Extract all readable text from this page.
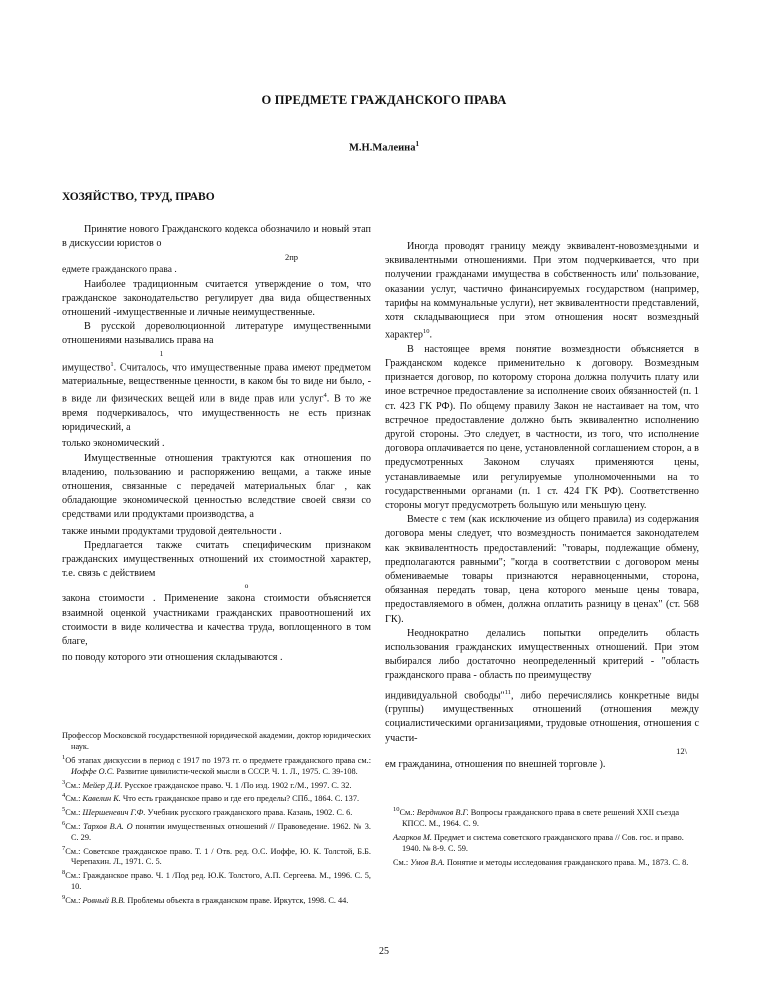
О ПРЕДМЕТЕ ГРАЖДАНСКОГО ПРАВА
М.Н.Малеина$^1$
ХОЗЯЙСТВО, ТРУД, ПРАВО

Принятие нового Гражданского кодекса обозначило и новый этап в дискуссии юристов о

2пр

едмете гражданского права .

Наиболее традиционным считается утверждение о том, что гражданское законодательство регулирует два вида общественных отношений -имущественные и личные неимущественные.

В русской дореволюционной литературе имущественными отношениями назывались права на

1

имущество$^1$. Считалось, что имущественные права имеют предметом материальные, вещественные ценности, в каком бы то виде ни было, - в виде ли физических вещей или в виде прав или услуг$^4$. В то же время подчеркивалось, что имущественность не есть признак юридический, а

только экономический .

Имущественные отношения трактуются как отношения по владению, пользованию и распоряжению вещами, а также иные отношения, связанные с передачей материальных благ , как обладающие экономической ценностью вследствие своей связи со средствами или продуктами производства, а

также иными продуктами трудовой деятельности .

Предлагается также считать специфическим признаком гражданских имущественных отношений их стоимостной характер, т.е. связь с действием

о

закона стоимости . Применение закона стоимости объясняется взаимной оценкой участниками гражданских правоотношений их стоимости в виде количества и качества труда, воплощенного в том благе,

по поводу которого эти отношения складываются .

Профессор Московской государственной юридической академии, доктор юридических наук.

$^1$Об этапах дискуссии в период с 1917 по 1973 гг. о предмете гражданского права см.: Иоффе О.С. Развитие цивилисти-ческой мысли в СССР. Ч. 1. Л., 1975. С. 39-108.

$^3$См.: Мейер Д.И. Русское гражданское право. Ч. 1 /По изд. 1902 г./М., 1997. С. 32.

$^4$См.: Кавелин К. Что есть гражданское право и где его пределы? СПб., 1864. С. 137.

$^5$См.: Шершеневич Г.Ф. Учебник русского гражданского права. Казань, 1902. С. 6.

$^6$См.: Тархов В.А. О понятии имущественных отношений // Правоведение. 1962. № 3. С. 29.

$^7$См.: Советское гражданское право. Т. 1 / Отв. ред. О.С. Иоффе, Ю. К. Толстой, Б.Б. Черепахин. Л., 1971. С. 5.

$^8$См.: Гражданское право. Ч. 1 /Под ред. Ю.К. Толстого, А.П. Сергеева. М., 1996. С. 5, 10.

$^9$См.: Ровный В.В. Проблемы объекта в гражданском праве. Иркутск, 1998. С. 44.

Иногда проводят границу между эквивалент-новозмездными и эквивалентными отношениями. При этом подчеркивается, что при получении гражданами имущества в собственность или' пользование, оказании услуг, частично финансируемых государством (например, тарифы на коммунальные услуги), нет эквивалентности представлений, хотя складывающиеся при этом отношения носят возмездный характер$^{10}$.

В настоящее время понятие возмездности объясняется в Гражданском кодексе применительно к договору. Возмездным признается договор, по которому сторона должна получить плату или иное встречное предоставление за исполнение своих обязанностей (п. 1 ст. 423 ГК РФ). По общему правилу Закон не настаивает на том, что встречное предоставление должно быть эквивалентно исполнению другой стороны. Это следует, в частности, из того, что исполнение договора оплачивается по цене, установленной соглашением сторон, а в предусмотренных Законом случаях применяются цены, устанавливаемые или регулируемые уполномоченными на то государственными органами (п. 1 ст. 424 ГК РФ). Соответственно стороны могут предусмотреть большую или меньшую цену.

Вместе с тем (как исключение из общего правила) из содержания договора мены следует, что возмездность понимается законодателем как эквивалентность предоставлений: "товары, подлежащие обмену, предполагаются равными"; "когда в соответствии с договором мены обмениваемые товары признаются неравноценными, сторона, обязанная передать товар, цена которого меньше цены товара, предоставляемого в обмен, должна оплатить разницу в ценах" (ст. 568 ГК).

Неоднократно делались попытки определить область использования гражданских имущественных отношений. При этом выбирался либо достаточно неопределенный критерий - "область гражданского права - область по преимуществу

индивидуальной свободы"$^{11}$, либо перечислялись конкретные виды (группы) имущественных отношений (отношения между социалистическими организациями, трудовые отношения, отношения с участи-

12\

ем гражданина, отношения по внешней торговле ).

$^{10}$См.: Вердников В.Г. Вопросы гражданского права в свете решений XXII съезда КПСС. М., 1964. С. 9.

Агарков М. Предмет и система советского гражданского права // Сов. гос. и право. 1940. № 8-9. С. 59.

См.: Умов В.А. Понятие и методы исследования гражданского права. М., 1873. С. 8.

25
